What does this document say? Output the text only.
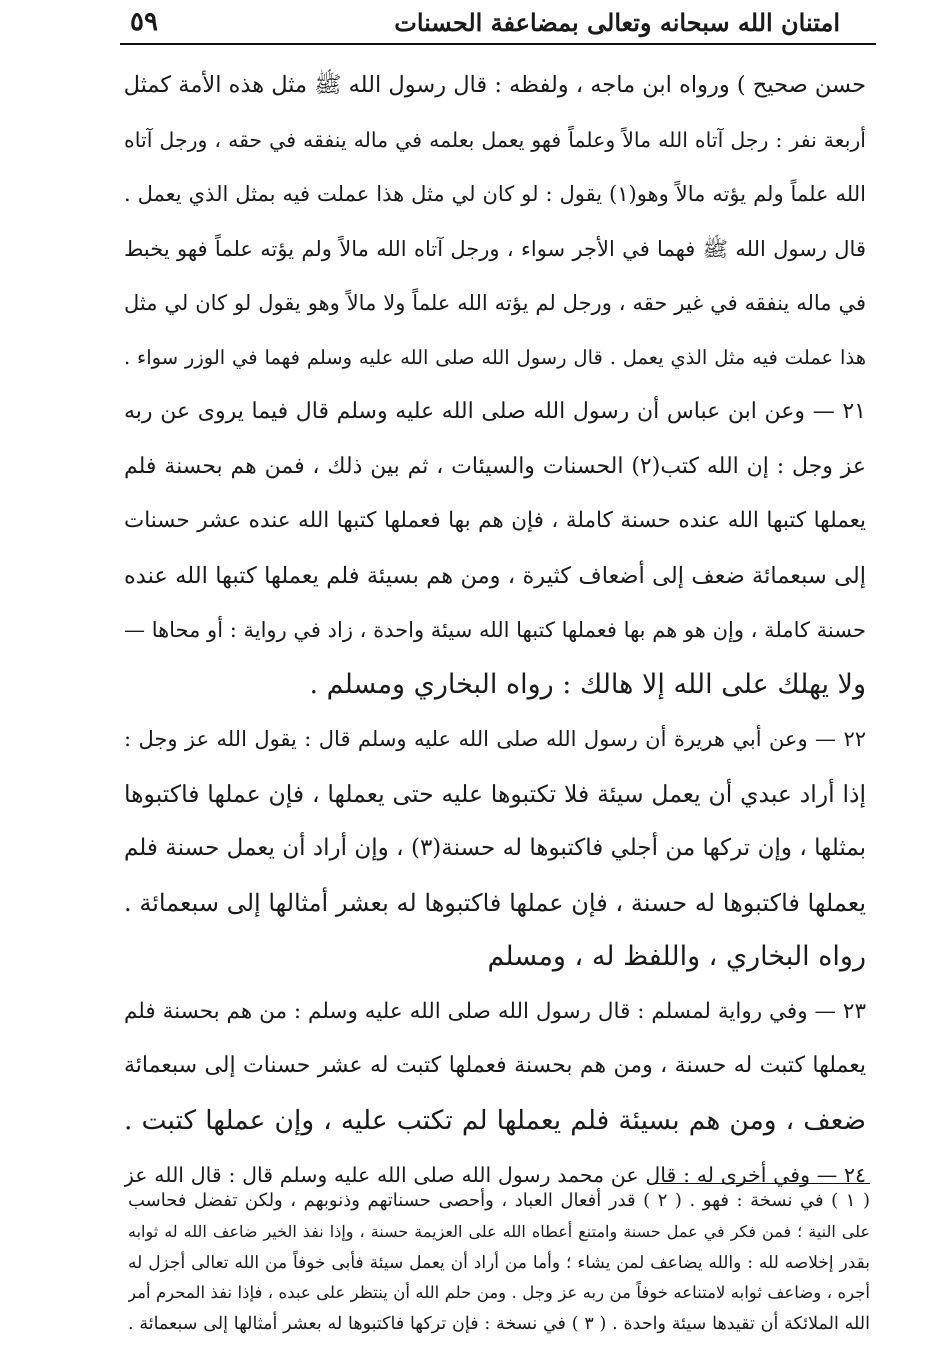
امتنان الله سبحانه وتعالى بمضاعفة الحسنات
٥٩
حسن صحيح ) ورواه ابن ماجه ، ولفظه : قال رسول الله ﷺ مثل هذه الأمة كمثل
أربعة نفر : رجل آتاه الله مالاً وعلماً فهو يعمل بعلمه في ماله ينفقه في حقه ، ورجل آتاه
الله علماً ولم يؤته مالاً وهو(١) يقول : لو كان لي مثل هذا عملت فيه بمثل الذي يعمل .
قال رسول الله ﷺ فهما في الأجر سواء ، ورجل آتاه الله مالاً ولم يؤته علماً فهو يخبط
في ماله ينفقه في غير حقه ، ورجل لم يؤته الله علماً ولا مالاً وهو يقول لو كان لي مثل
هذا عملت فيه مثل الذي يعمل . قال رسول الله صلى الله عليه وسلم فهما في الوزر سواء .
٢١ — وعن ابن عباس أن رسول الله صلى الله عليه وسلم قال فيما يروى عن ربه
عز وجل : إن الله كتب(٢) الحسنات والسيئات ، ثم بين ذلك ، فمن هم بحسنة فلم
يعملها كتبها الله عنده حسنة كاملة ، فإن هم بها فعملها كتبها الله عنده عشر حسنات
إلى سبعمائة ضعف إلى أضعاف كثيرة ، ومن هم بسيئة فلم يعملها كتبها الله عنده
حسنة كاملة ، وإن هو هم بها فعملها كتبها الله سيئة واحدة ، زاد في رواية : أو محاها —
ولا يهلك على الله إلا هالك : رواه البخاري ومسلم .
٢٢ — وعن أبي هريرة أن رسول الله صلى الله عليه وسلم قال : يقول الله عز وجل :
إذا أراد عبدي أن يعمل سيئة فلا تكتبوها عليه حتى يعملها ، فإن عملها فاكتبوها
بمثلها ، وإن تركها من أجلي فاكتبوها له حسنة(٣) ، وإن أراد أن يعمل حسنة فلم
يعملها فاكتبوها له حسنة ، فإن عملها فاكتبوها له بعشر أمثالها إلى سبعمائة .
رواه البخاري ، واللفظ له ، ومسلم
٢٣ — وفي رواية لمسلم : قال رسول الله صلى الله عليه وسلم : من هم بحسنة فلم
يعملها كتبت له حسنة ، ومن هم بحسنة فعملها كتبت له عشر حسنات إلى سبعمائة
ضعف ، ومن هم بسيئة فلم يعملها لم تكتب عليه ، وإن عملها كتبت .
٢٤ — وفي أخرى له : قال عن محمد رسول الله صلى الله عليه وسلم قال : قال الله عز
( ١ ) في نسخة : فهو . ( ٢ ) قدر أفعال العباد ، وأحصى حسناتهم وذنوبهم ، ولكن تفضل فحاسب
على النية ؛ فمن فكر في عمل حسنة وامتنع أعطاه الله على العزيمة حسنة ، وإذا نفذ الخير ضاعف الله له ثوابه
بقدر إخلاصه لله : والله يضاعف لمن يشاء ؛ وأما من أراد أن يعمل سيئة فأبى خوفاً من الله تعالى أجزل له
أجره ، وضاعف ثوابه لامتناعه خوفاً من ربه عز وجل . ومن حلم الله أن ينتظر على عبده ، فإذا نفذ المحرم أمر
الله الملائكة أن تقيدها سيئة واحدة . ( ٣ ) في نسخة : فإن تركها فاكتبوها له بعشر أمثالها إلى سبعمائة .
